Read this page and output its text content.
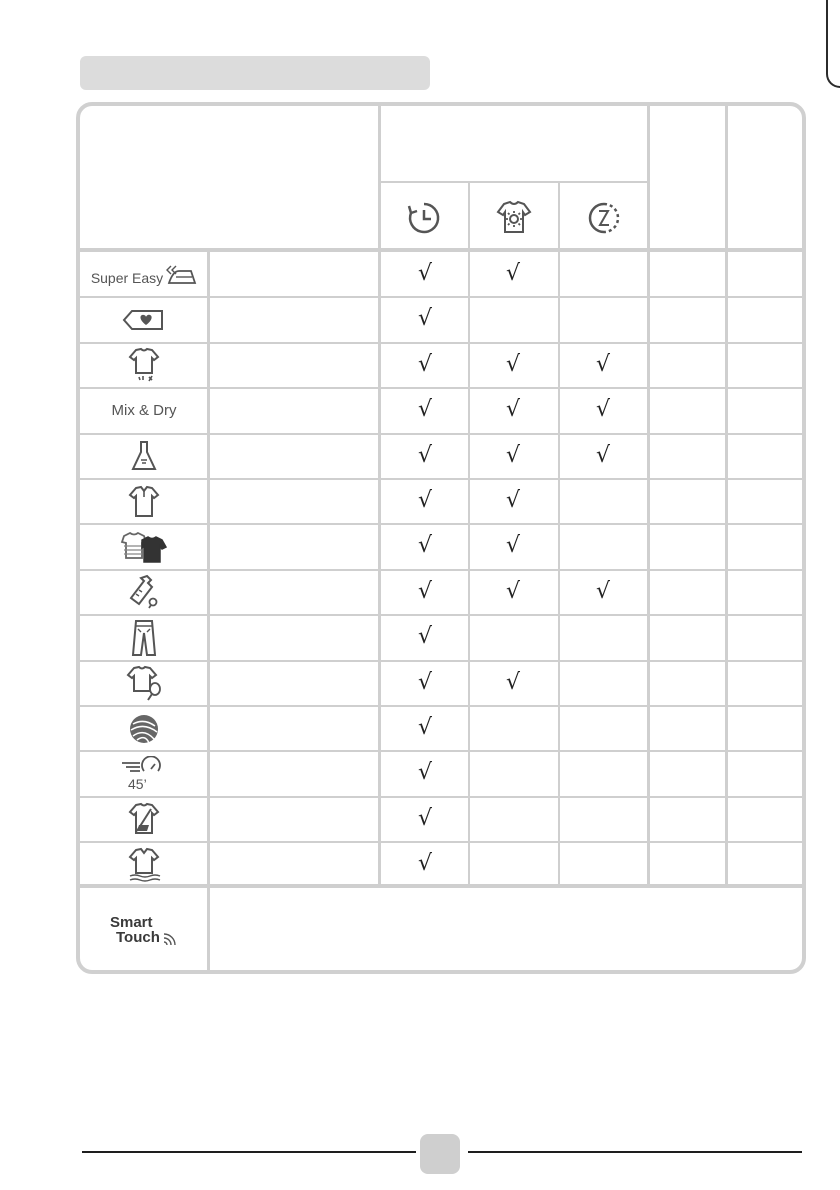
Super Easy	√	√
√
√	√	√
Mix & Dry	√	√	√
√	√	√
√	√
√	√
√	√	√
√
√	√
√
45’	√
√
√
Smart
Touch
